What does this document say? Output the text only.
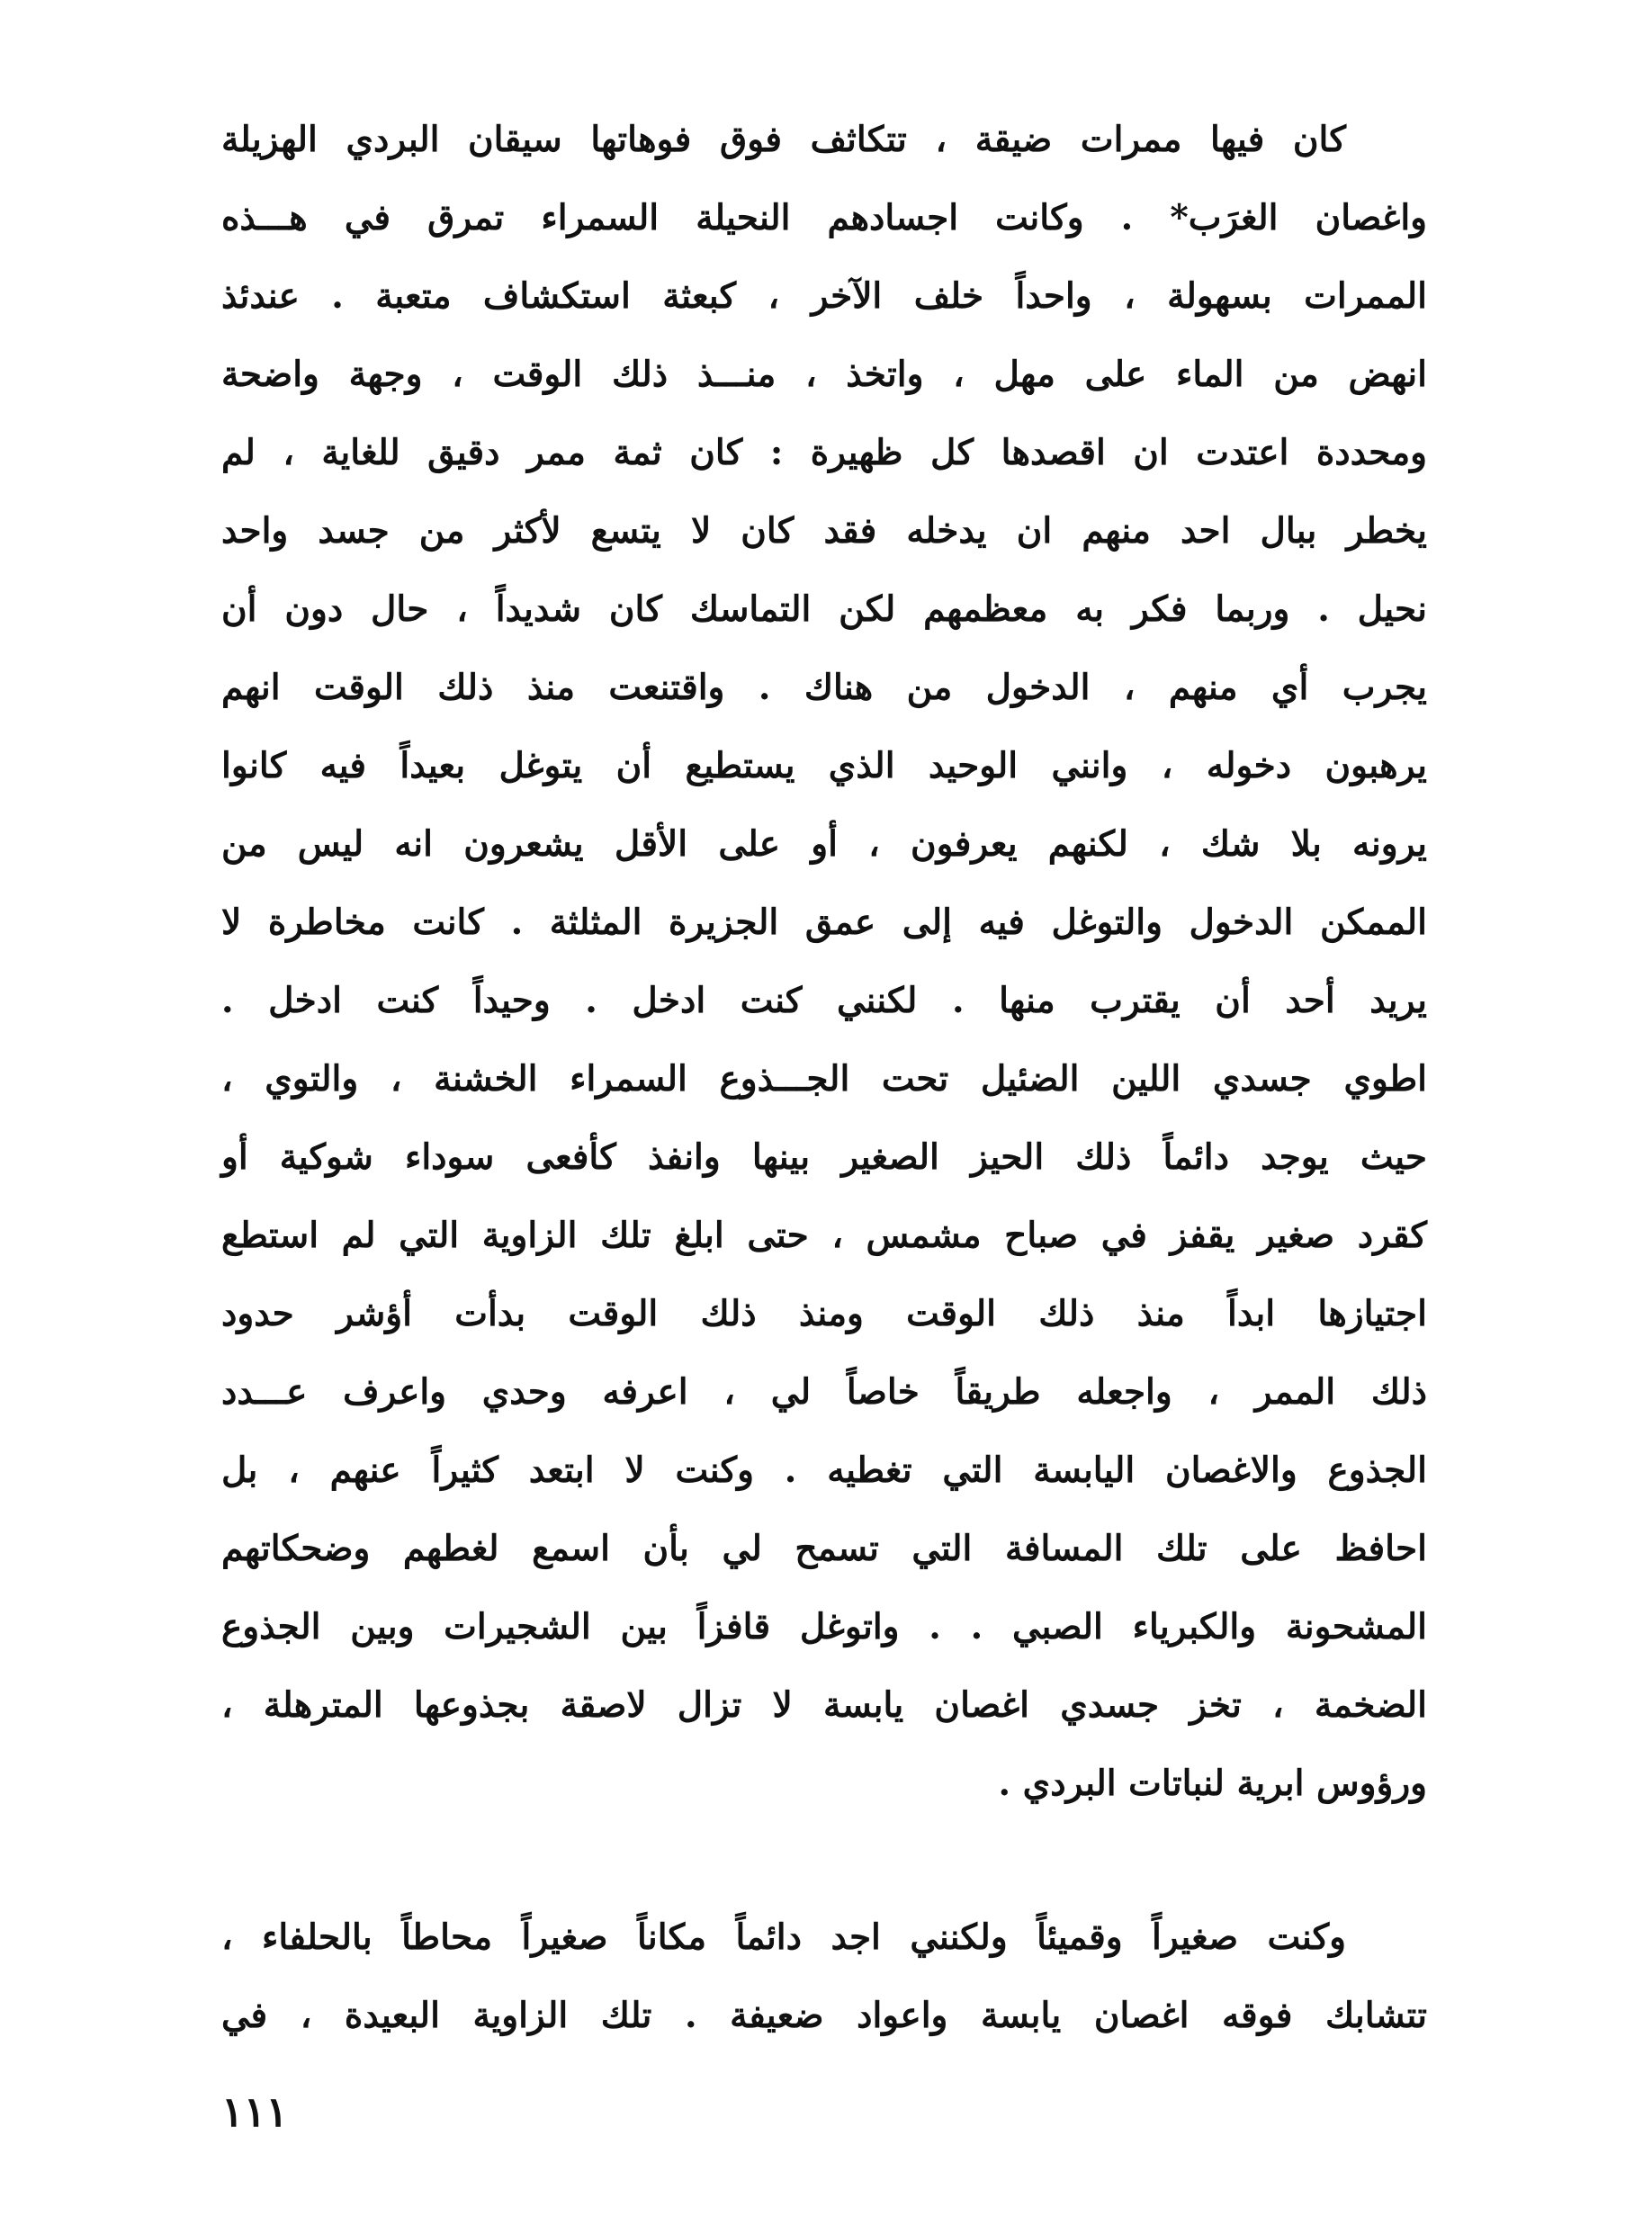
كان فيها ممرات ضيقة ، تتكاثف فوق فوهاتها سيقان البردي الهزيلة
واغصان الغرَب* . وكانت اجسادهم النحيلة السمراء تمرق في هـــذه
الممرات بسهولة ، واحداً خلف الآخر ، كبعثة استكشاف متعبة . عندئذ
انهض من الماء على مهل ، واتخذ ، منـــذ ذلك الوقت ، وجهة واضحة
ومحددة اعتدت ان اقصدها كل ظهيرة : كان ثمة ممر دقيق للغاية ، لم
يخطر ببال احد منهم ان يدخله فقد كان لا يتسع لأكثر من جسد واحد
نحيل . وربما فكر به معظمهم لكن التماسك كان شديداً ، حال دون أن
يجرب أي منهم ، الدخول من هناك . واقتنعت منذ ذلك الوقت انهم
يرهبون دخوله ، وانني الوحيد الذي يستطيع أن يتوغل بعيداً فيه كانوا
يرونه بلا شك ، لكنهم يعرفون ، أو على الأقل يشعرون انه ليس من
الممكن الدخول والتوغل فيه إلى عمق الجزيرة المثلثة . كانت مخاطرة لا
يريد أحد أن يقترب منها . لكنني كنت ادخل . وحيداً كنت ادخل .
اطوي جسدي اللين الضئيل تحت الجـــذوع السمراء الخشنة ، والتوي ،
حيث يوجد دائماً ذلك الحيز الصغير بينها وانفذ كأفعى سوداء شوكية أو
كقرد صغير يقفز في صباح مشمس ، حتى ابلغ تلك الزاوية التي لم استطع
اجتيازها ابداً منذ ذلك الوقت ومنذ ذلك الوقت بدأت أؤشر حدود
ذلك الممر ، واجعله طريقاً خاصاً لي ، اعرفه وحدي واعرف عـــدد
الجذوع والاغصان اليابسة التي تغطيه . وكنت لا ابتعد كثيراً عنهم ، بل
احافظ على تلك المسافة التي تسمح لي بأن اسمع لغطهم وضحكاتهم
المشحونة والكبرياء الصبي . . واتوغل قافزاً بين الشجيرات وبين الجذوع
الضخمة ، تخز جسدي اغصان يابسة لا تزال لاصقة بجذوعها المترهلة ،
ورؤوس ابرية لنباتات البردي .
وكنت صغيراً وقميئاً ولكنني اجد دائماً مكاناً صغيراً محاطاً بالحلفاء ،
تتشابك فوقه اغصان يابسة واعواد ضعيفة . تلك الزاوية البعيدة ، في
١١١
